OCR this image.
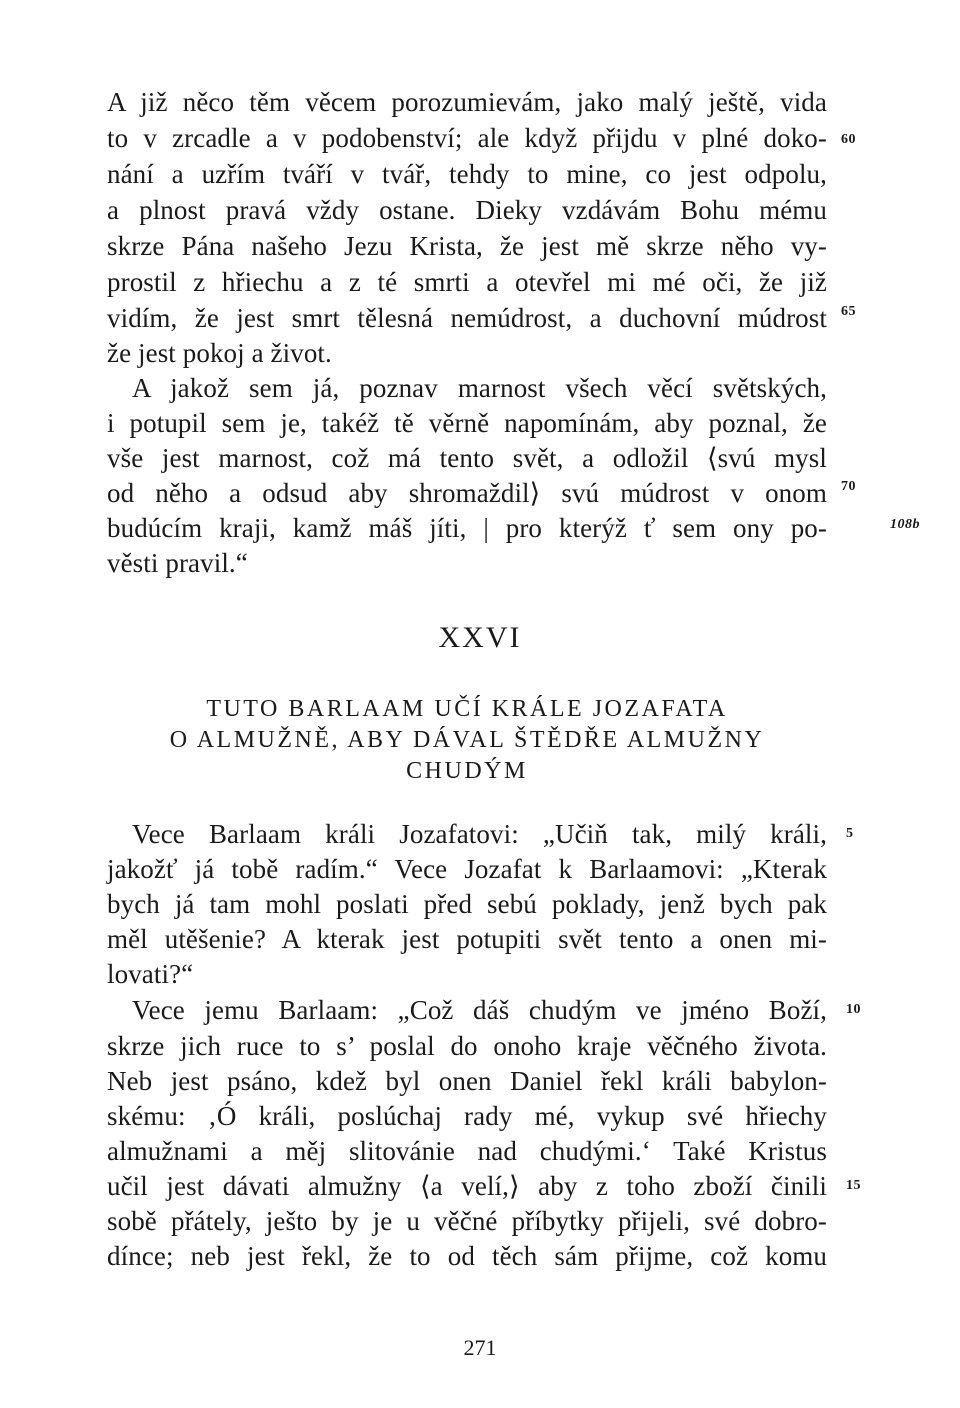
A již něco těm věcem porozumievám, jako malý ještě, vida
to v zrcadle a v podobenství; ale když přijdu v plné doko-
nání a uzřím tváří v tvář, tehdy to mine, co jest odpolu,
a plnost pravá vždy ostane. Dieky vzdávám Bohu mému
skrze Pána našeho Jezu Krista, že jest mě skrze něho vy-
prostil z hřiechu a z té smrti a otevřel mi mé oči, že již
vidím, že jest smrt tělesná nemúdrost, a duchovní múdrost
že jest pokoj a život.
A jakož sem já, poznav marnost všech věcí světských,
i potupil sem je, takéž tě věrně napomínám, aby poznal, že
vše jest marnost, což má tento svět, a odložil ⟨svú mysl
od něho a odsud aby shromaždil⟩ svú múdrost v onom
budúcím kraji, kamž máš jíti, | pro kterýž ť sem ony po-
věsti pravil.“
60
65
70
108b
XXVI
TUTO BARLAAM UČÍ KRÁLE JOZAFATA
O ALMUŽNĚ, ABY DÁVAL ŠTĚDŘE ALMUŽNY
CHUDÝM
Vece Barlaam králi Jozafatovi: „Učiň tak, milý králi,
jakožť já tobě radím.“ Vece Jozafat k Barlaamovi: „Kterak
bych já tam mohl poslati před sebú poklady, jenž bych pak
měl utěšenie? A kterak jest potupiti svět tento a onen mi-
lovati?“
Vece jemu Barlaam: „Což dáš chudým ve jméno Boží,
skrze jich ruce to s’ poslal do onoho kraje věčného života.
Neb jest psáno, kdež byl onen Daniel řekl králi babylon-
skému: ‚Ó králi, poslúchaj rady mé, vykup své hřiechy
almužnami a měj slitovánie nad chudými.‘ Také Kristus
učil jest dávati almužny ⟨a velí,⟩ aby z toho zboží činili
sobě přátely, ješto by je u věčné příbytky přijeli, své dobro-
dínce; neb jest řekl, že to od těch sám přijme, což komu
5
10
15
271
